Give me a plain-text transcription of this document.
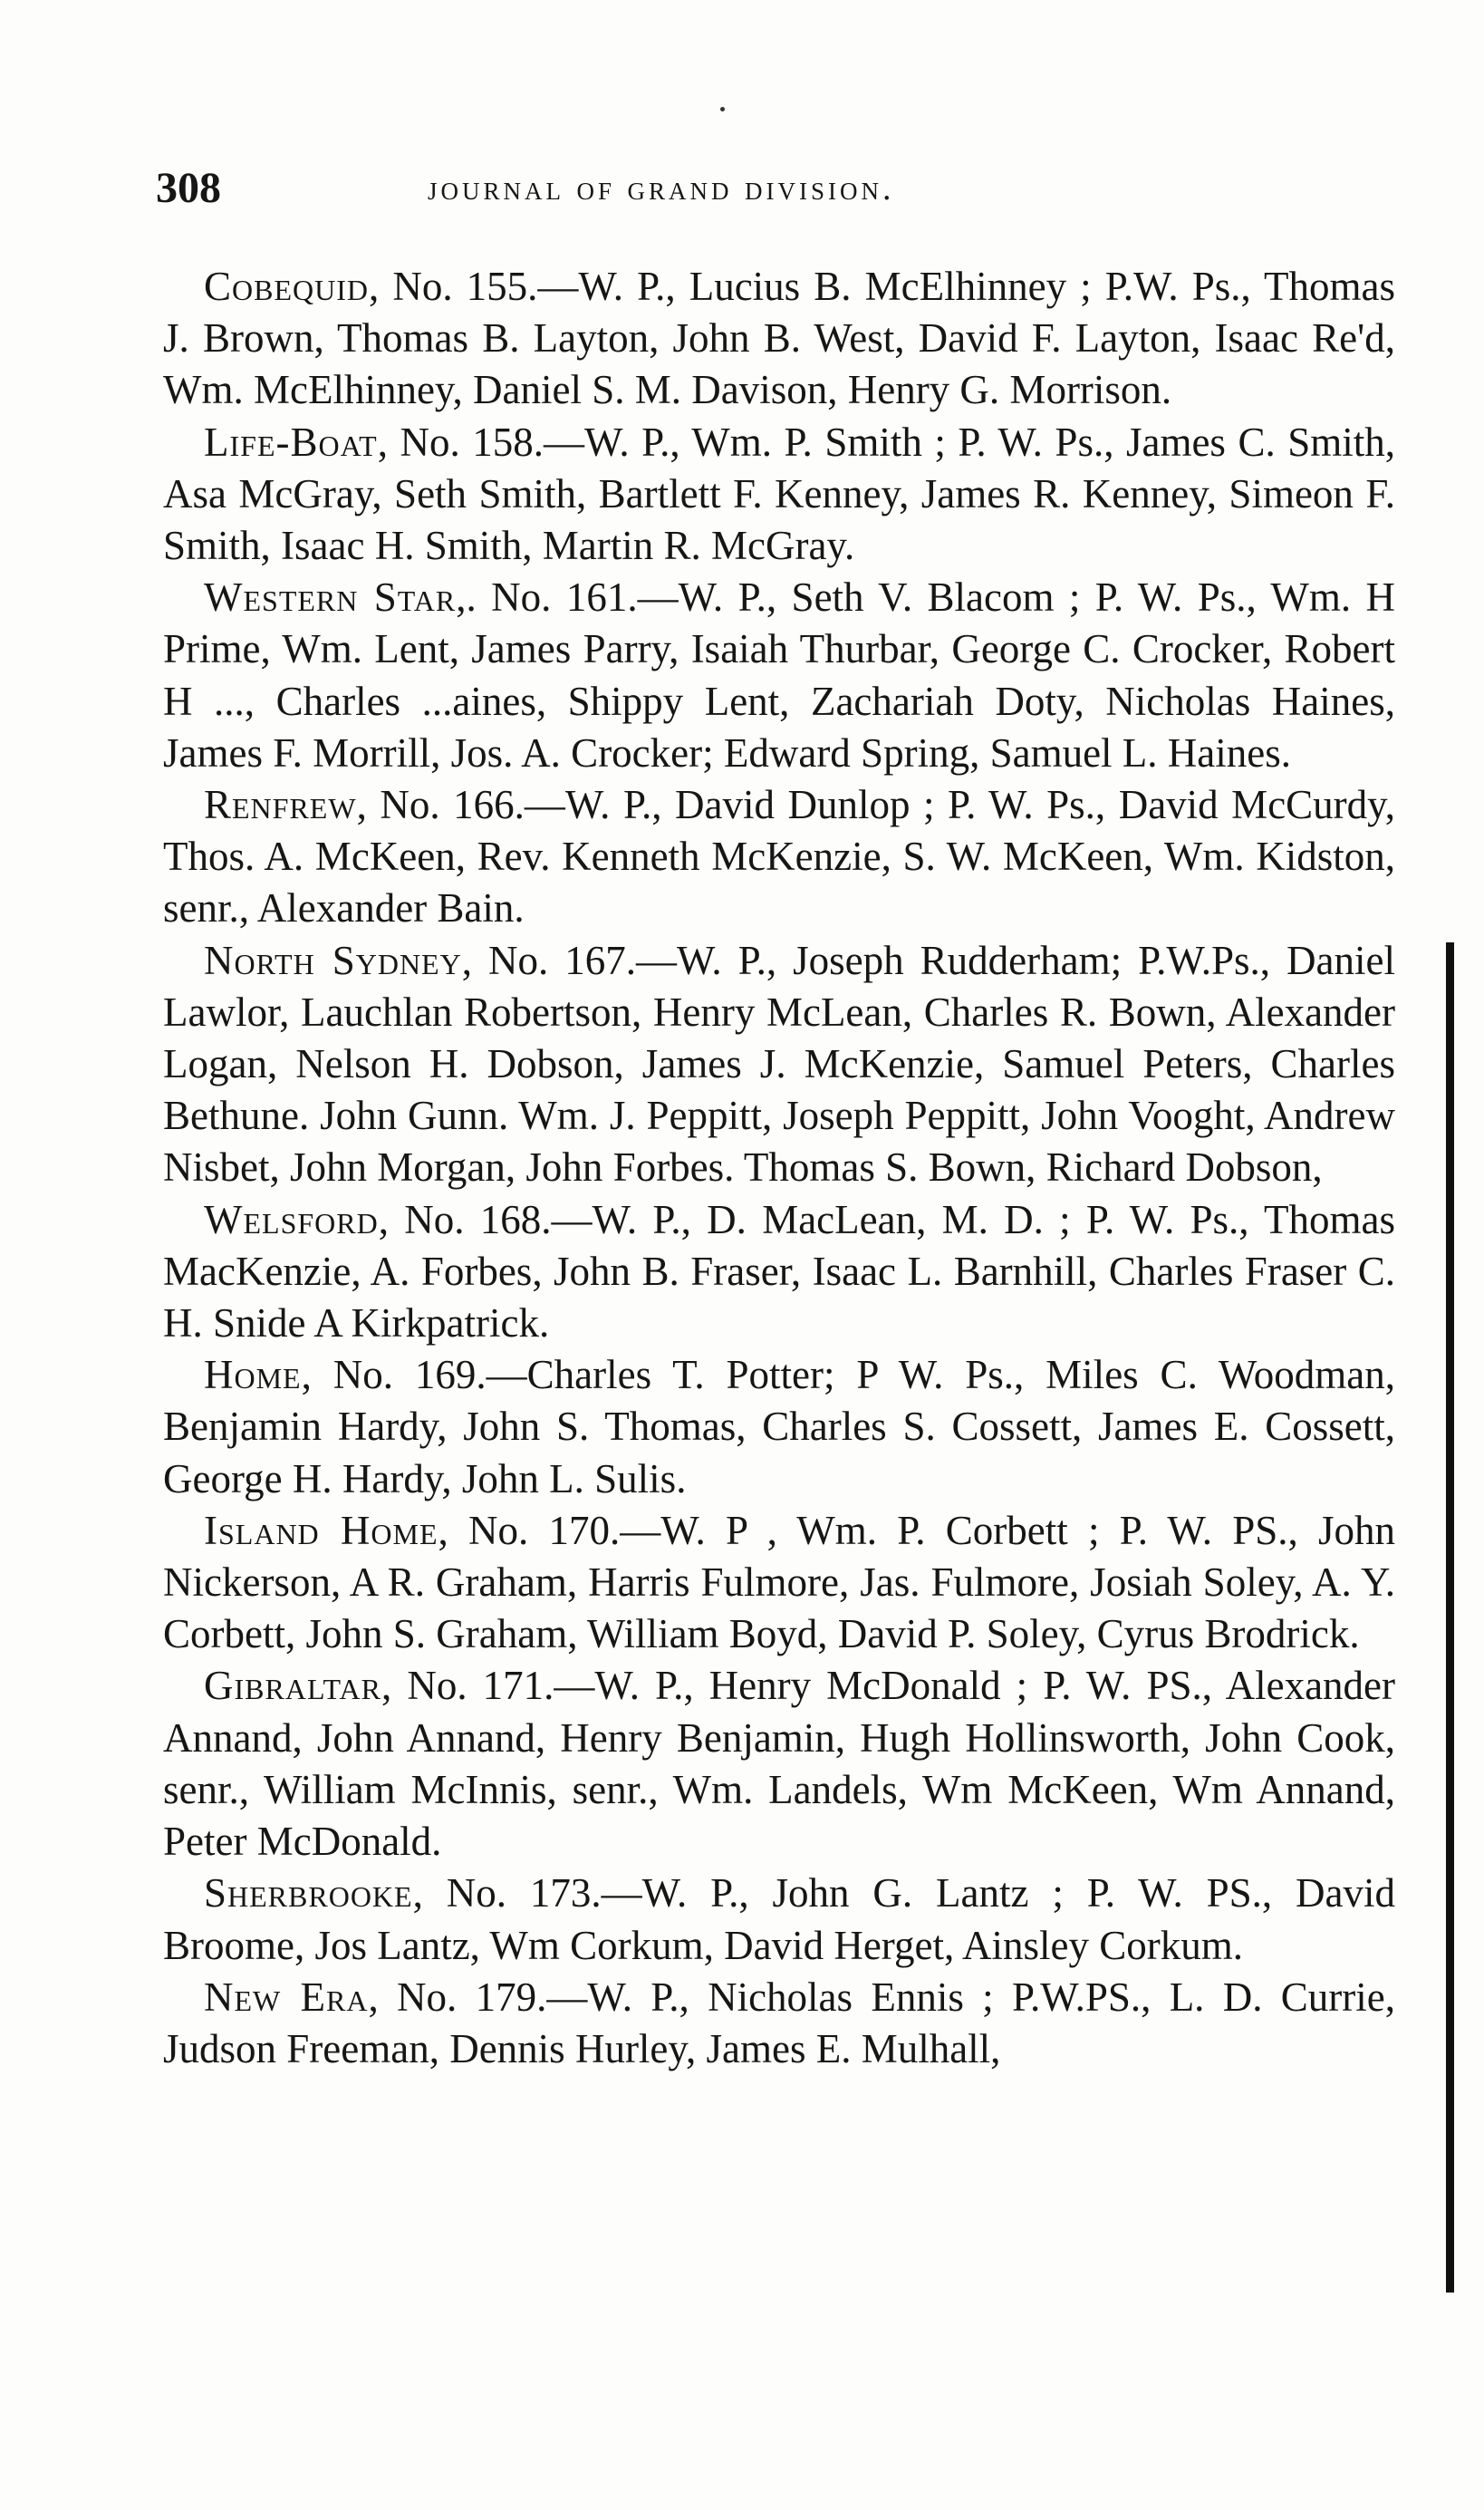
308	journal of grand division.

Cobequid, No. 155.—W. P., Lucius B. McElhinney ; P.W. Ps., Thomas J. Brown, Thomas B. Layton, John B. West, David F. Layton, Isaac Re'd, Wm. McElhinney, Daniel S. M. Davison, Henry G. Morrison.

Life-Boat, No. 158.—W. P., Wm. P. Smith ; P. W. Ps., James C. Smith, Asa McGray, Seth Smith, Bartlett F. Kenney, James R. Kenney, Simeon F. Smith, Isaac H. Smith, Martin R. McGray.

Western Star,. No. 161.—W. P., Seth V. Blacom ; P. W. Ps., Wm. H Prime, Wm. Lent, James Parry, Isaiah Thurbar, George C. Crocker, Robert H ..., Charles ...aines, Shippy Lent, Zachariah Doty, Nicholas Haines, James F. Morrill, Jos. A. Crocker; Edward Spring, Samuel L. Haines.

Renfrew, No. 166.—W. P., David Dunlop ; P. W. Ps., David McCurdy, Thos. A. McKeen, Rev. Kenneth McKenzie, S. W. McKeen, Wm. Kidston, senr., Alexander Bain.

North Sydney, No. 167.—W. P., Joseph Rudderham; P.W.Ps., Daniel Lawlor, Lauchlan Robertson, Henry McLean, Charles R. Bown, Alexander Logan, Nelson H. Dobson, James J. McKenzie, Samuel Peters, Charles Bethune. John Gunn. Wm. J. Peppitt, Joseph Peppitt, John Vooght, Andrew Nisbet, John Morgan, John Forbes. Thomas S. Bown, Richard Dobson,

Welsford, No. 168.—W. P., D. MacLean, M. D. ; P. W. Ps., Thomas MacKenzie, A. Forbes, John B. Fraser, Isaac L. Barnhill, Charles Fraser C. H. Snide A Kirkpatrick.

Home, No. 169.—Charles T. Potter; P W. Ps., Miles C. Woodman, Benjamin Hardy, John S. Thomas, Charles S. Cossett, James E. Cossett, George H. Hardy, John L. Sulis.

Island Home, No. 170.—W. P , Wm. P. Corbett ; P. W. PS., John Nickerson, A R. Graham, Harris Fulmore, Jas. Fulmore, Josiah Soley, A. Y. Corbett, John S. Graham, William Boyd, David P. Soley, Cyrus Brodrick.

Gibraltar, No. 171.—W. P., Henry McDonald ; P. W. PS., Alexander Annand, John Annand, Henry Benjamin, Hugh Hollinsworth, John Cook, senr., William McInnis, senr., Wm. Landels, Wm McKeen, Wm Annand, Peter McDonald.

Sherbrooke, No. 173.—W. P., John G. Lantz ; P. W. PS., David Broome, Jos Lantz, Wm Corkum, David Herget, Ainsley Corkum.

New Era, No. 179.—W. P., Nicholas Ennis ; P.W.PS., L. D. Currie, Judson Freeman, Dennis Hurley, James E. Mulhall,
